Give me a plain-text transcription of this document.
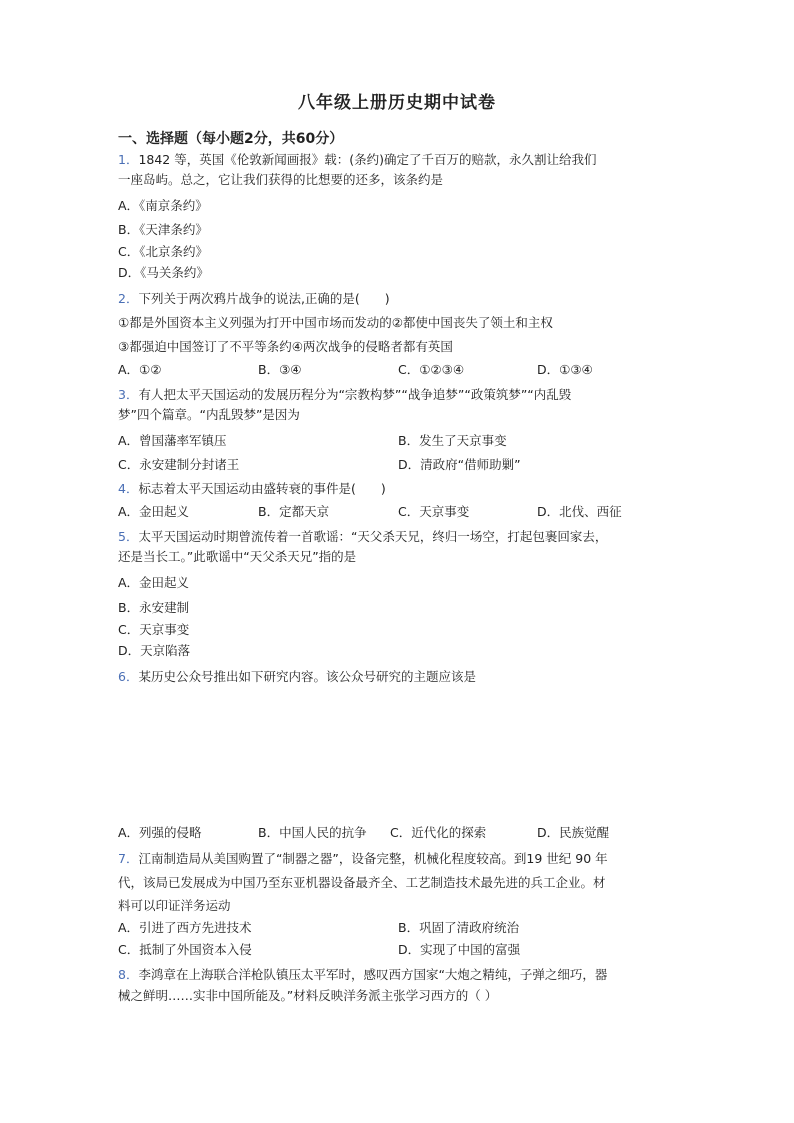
八年级上册历史期中试卷
一、选择题（每小题2分，共60分）
1．1842 等，英国《伦敦新闻画报》载：(条约)确定了千百万的赔款，永久割让给我们
一座岛屿。总之，它让我们获得的比想要的还多，该条约是
A．《南京条约》
B．《天津条约》
C．《北京条约》
D．《马关条约》
2．下列关于两次鸦片战争的说法,正确的是(　　)
①都是外国资本主义列强为打开中国市场而发动的②都使中国丧失了领土和主权
③都强迫中国签订了不平等条约④两次战争的侵略者都有英国
A．①②	B．③④	C．①②③④	D．①③④
3．有人把太平天国运动的发展历程分为“宗教构梦”“战争追梦”“政策筑梦”“内乱毁
梦”四个篇章。“内乱毁梦”是因为
A．曾国藩率军镇压	B．发生了天京事变
C．永安建制分封诸王	D．清政府“借师助剿”
4．标志着太平天国运动由盛转衰的事件是(　　)
A．金田起义	B．定都天京	C．天京事变	D．北伐、西征
5．太平天国运动时期曾流传着一首歌谣：“天父杀天兄，终归一场空，打起包裹回家去，
还是当长工。”此歌谣中“天父杀天兄”指的是
A．金田起义
B．永安建制
C．天京事变
D．天京陷落
6．某历史公众号推出如下研究内容。该公众号研究的主题应该是
A．列强的侵略	B．中国人民的抗争 C．近代化的探索	D．民族觉醒
7．江南制造局从美国购置了“制器之器”，设备完整，机械化程度较高。到19 世纪 90 年
代，该局已发展成为中国乃至东亚机器设备最齐全、工艺制造技术最先进的兵工企业。材
料可以印证洋务运动
A．引进了西方先进技术	B．巩固了清政府统治
C．抵制了外国资本入侵	D．实现了中国的富强
8．李鸿章在上海联合洋枪队镇压太平军时，感叹西方国家“大炮之精纯，子弹之细巧，器
械之鲜明……实非中国所能及。”材料反映洋务派主张学习西方的（ ）
